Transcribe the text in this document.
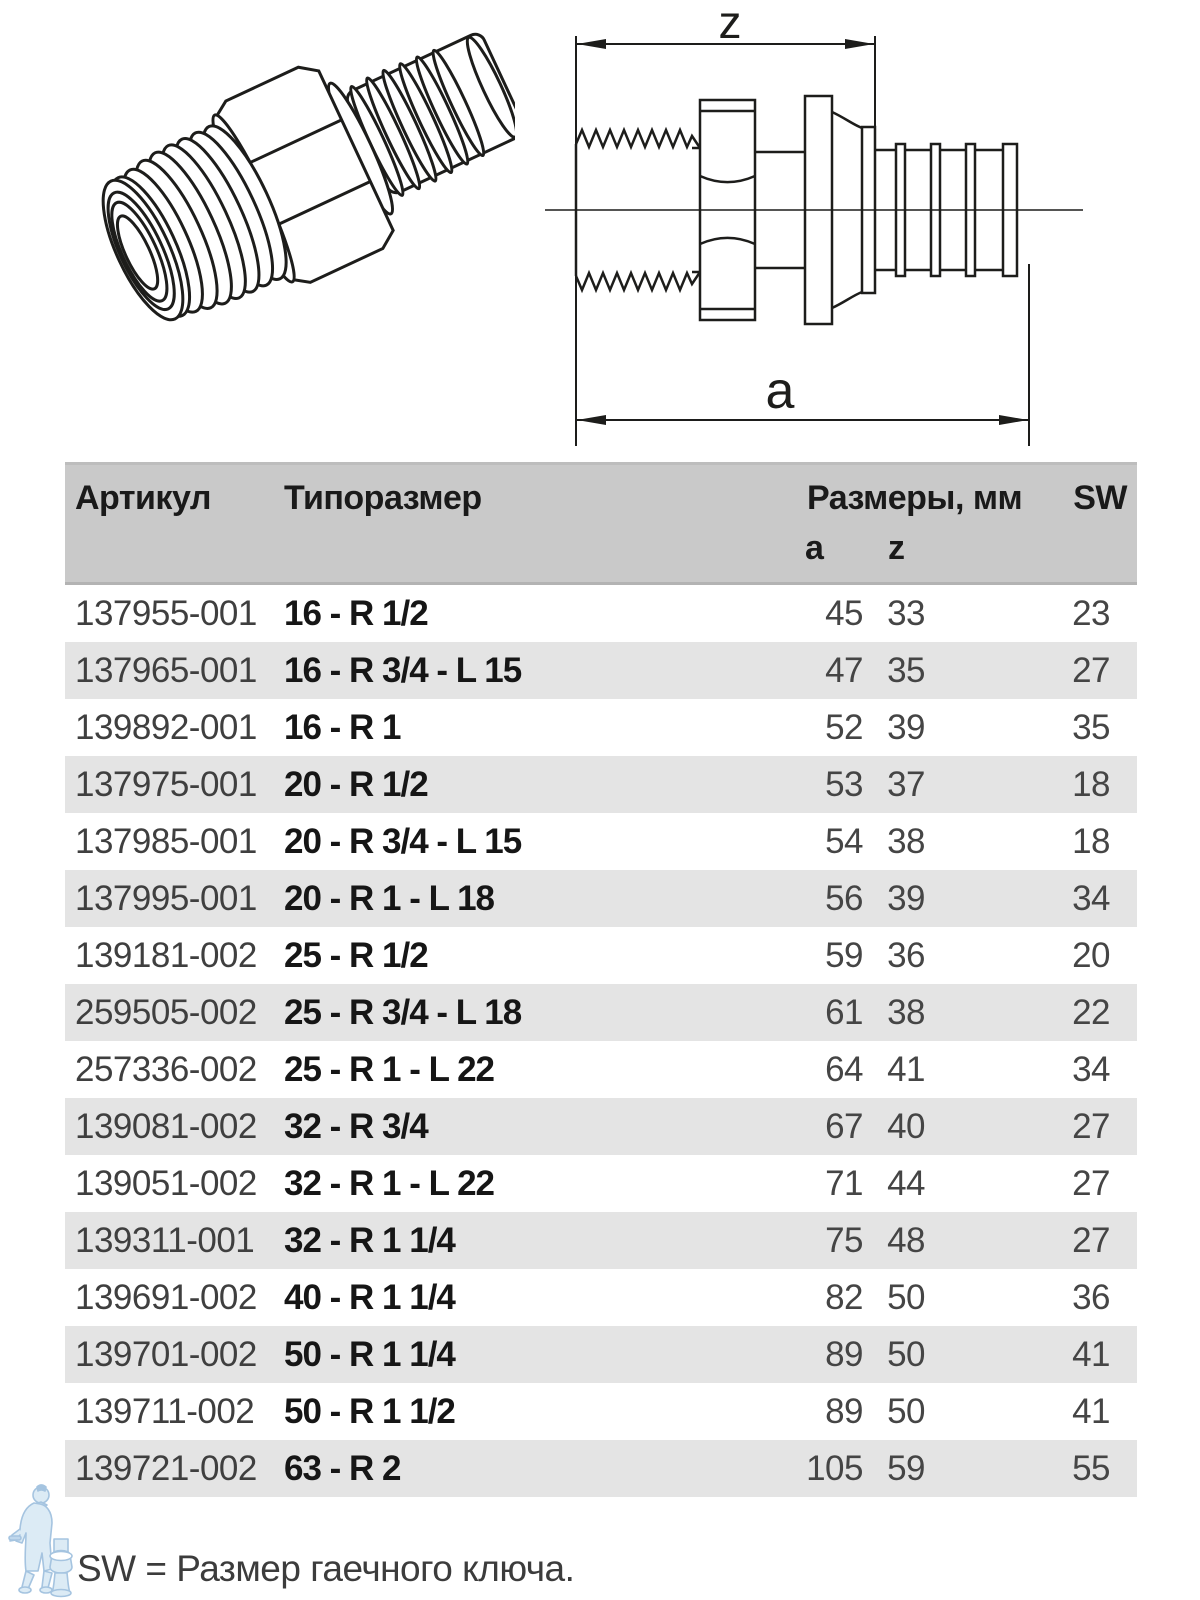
z
a
Артикул Типоразмер	Размеры, мм SW
a z
137955-001 16 - R 1/2	45 33	23
137965-001 16 - R 3/4 - L 15	47 35	27
139892-001 16 - R 1	52 39	35
137975-001 20 - R 1/2	53 37	18
137985-001 20 - R 3/4 - L 15	54 38	18
137995-001 20 - R 1 - L 18	56 39	34
139181-002 25 - R 1/2	59 36	20
259505-002 25 - R 3/4 - L 18	61 38	22
257336-002 25 - R 1 - L 22	64 41	34
139081-002 32 - R 3/4	67 40	27
139051-002 32 - R 1 - L 22	71 44	27
139311-001 32 - R 1 1/4	75 48	27
139691-002 40 - R 1 1/4	82 50	36
139701-002 50 - R 1 1/4	89 50	41
139711-002 50 - R 1 1/2	89 50	41
139721-002 63 - R 2	105 59	55
SW = Размер гаечного ключа.
